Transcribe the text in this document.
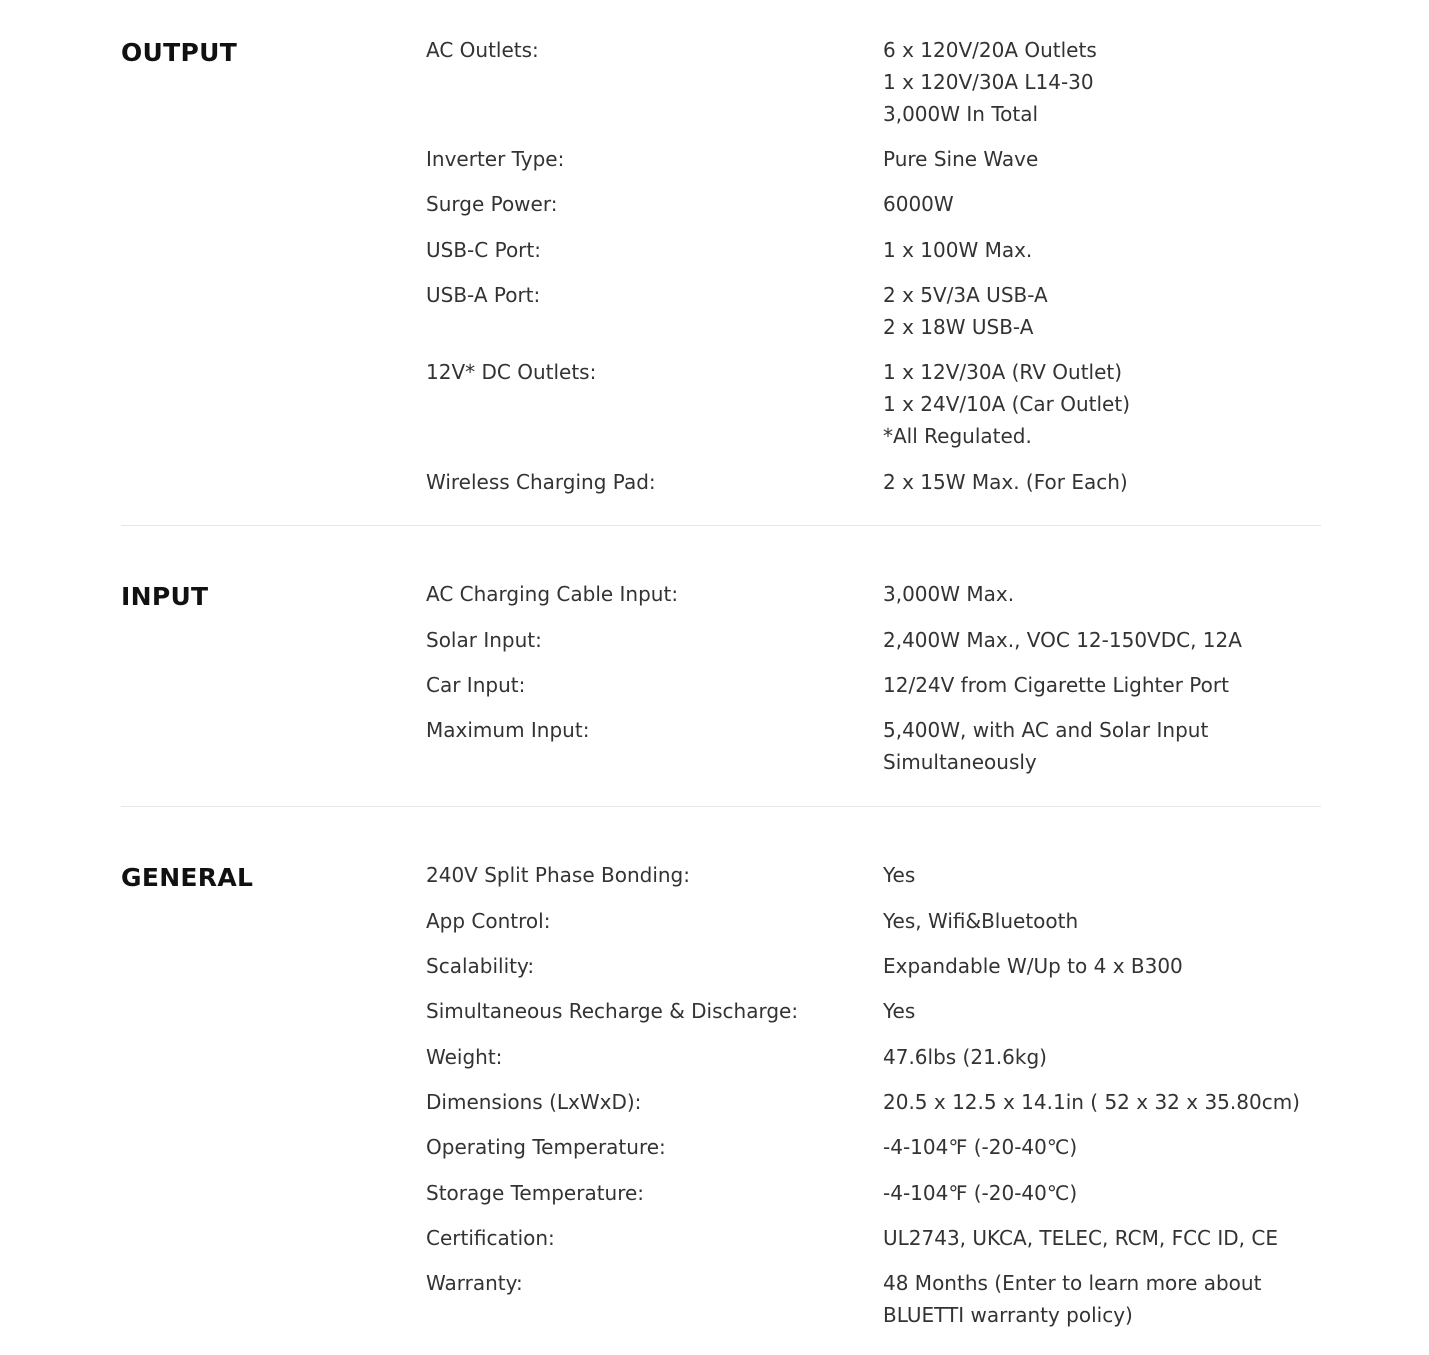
OUTPUT	AC Outlets:	6 x 120V/20A Outlets
1 x 120V/30A L14-30
3,000W In Total
Inverter Type:	Pure Sine Wave
Surge Power:	6000W
USB-C Port:	1 x 100W Max.
USB-A Port:	2 x 5V/3A USB-A
2 x 18W USB-A
12V* DC Outlets:	1 x 12V/30A (RV Outlet)
1 x 24V/10A (Car Outlet)
*All Regulated.
Wireless Charging Pad:	2 x 15W Max. (For Each)
INPUT	AC Charging Cable Input:	3,000W Max.
Solar Input:	2,400W Max., VOC 12-150VDC, 12A
Car Input:	12/24V from Cigarette Lighter Port
Maximum Input:	5,400W, with AC and Solar Input
Simultaneously
GENERAL	240V Split Phase Bonding:	Yes
App Control:	Yes, Wifi&Bluetooth
Scalability:	Expandable W/Up to 4 x B300
Simultaneous Recharge & Discharge:	Yes
Weight:	47.6lbs (21.6kg)
Dimensions (LxWxD):	20.5 x 12.5 x 14.1in ( 52 x 32 x 35.80cm)
Operating Temperature:	-4-104℉ (-20-40℃)
Storage Temperature:	-4-104℉ (-20-40℃)
Certification:	UL2743, UKCA, TELEC, RCM, FCC ID, CE
Warranty:	48 Months (Enter to learn more about
BLUETTI warranty policy)
